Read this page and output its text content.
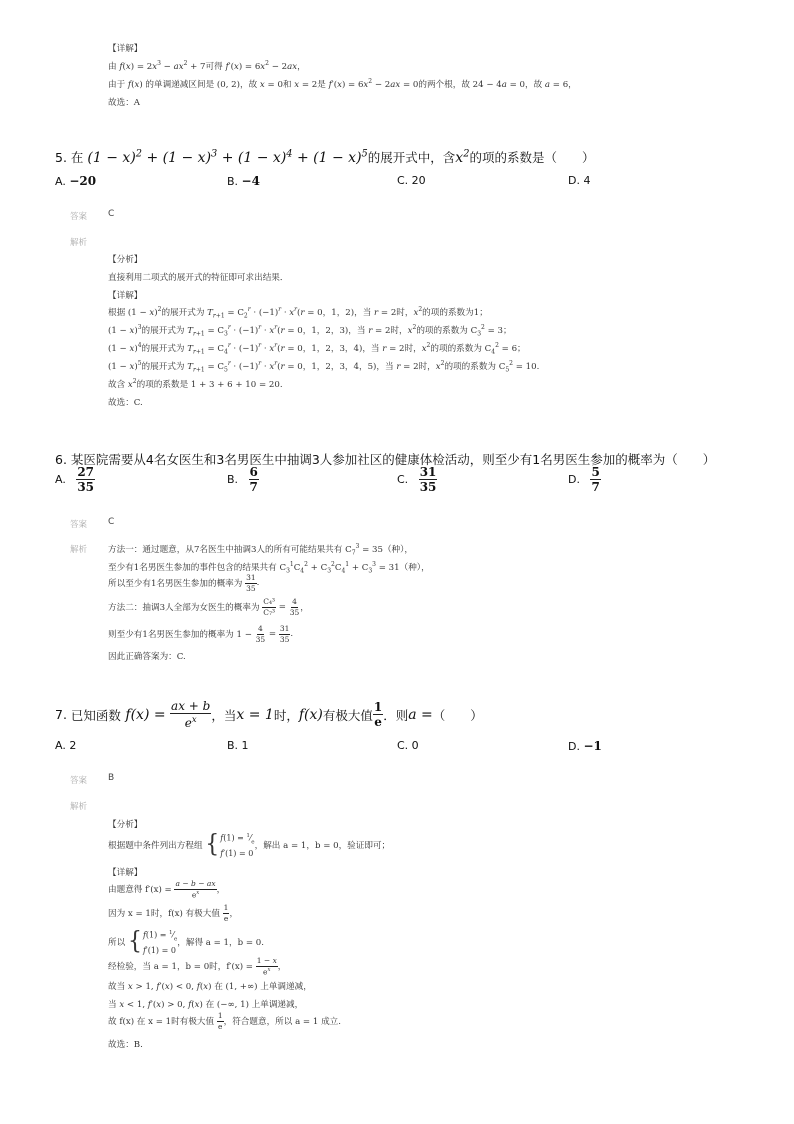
【详解】
由 $f(x) = 2x^3 - ax^2 + 7$可得 $f'(x) = 6x^2 - 2ax$，
由于 f(x) 的单调递减区间是 (0, 2)，故 x = 0和 x = 2是 $f'(x) = 6x^2 - 2ax = 0$的两个根，故 24 − 4a = 0，故 a = 6，
故选：A
5. 在 $(1 - x)^2 + (1 - x)^3 + (1 - x)^4 + (1 - x)^5$的展开式中，含$x^2$的项的系数是（　　）
A. −20	B. −4	C. 20	D. 4
答案 C
解析
【分析】
直接利用二项式的展开式的特征即可求出结果．
【详解】
根据 $(1 - x)^2$的展开式为 $T_{r+1} = C_2^r \cdot (-1)^r \cdot x^r(r = 0$，1，2)，当 r = 2时，$x^2$的项的系数为1；
$(1 - x)^3$的展开式为 $T_{r+1} = C_3^r \cdot (-1)^r \cdot x^r(r = 0$，1，2，3)，当 r = 2时，$x^2$的项的系数为 $C_3^2 = 3$；
$(1 - x)^4$的展开式为 $T_{r+1} = C_4^r \cdot (-1)^r \cdot x^r(r = 0$，1，2，3，4)，当 r = 2时，$x^2$的项的系数为 $C_4^2 = 6$；
$(1 - x)^5$的展开式为 $T_{r+1} = C_5^r \cdot (-1)^r \cdot x^r(r = 0$，1，2，3，4，5)，当 r = 2时，$x^2$的项的系数为 $C_5^2 = 10$.
故含 $x^2$的项的系数是 1 + 3 + 6 + 10 = 20.
故选：C.
6. 某医院需要从4名女医生和3名男医生中抽调3人参加社区的健康体检活动，则至少有1名男医生参加的概率为（　　）
A.
$\frac{27}{35}$	B.
$\frac{6}{7}$	C.
$\frac{31}{35}$	D.
$\frac{5}{7}$
答案 C
解析 方法一：通过题意，从7名医生中抽调3人的所有可能结果共有 $C_7^3 = 35$（种），
至少有1名男医生参加的事件包含的结果共有 $C_3^1C_4^2 + C_3^2C_4^1 + C_3^3 = 31$（种），
所以至少有1名男医生参加的概率为
$\frac{31}{35}$ .
方法二：抽调3人全部为女医生的概率为
$\frac{\text{C₄³}}{\text{C₇³}} = \frac{4}{35}$ ，
则至少有1名男医生参加的概率为 1 −
$\frac{4}{35} = \frac{31}{35}$ .
因此正确答案为：C.
7.
已知函数 $f(x) = \frac{ax + b}{e^x}$ ，当 x = 1 时， f(x) 有极大值 $\frac{1}{e}$ ．则 a = （　　）
A. 2	B. 1	C. 0	D. −1
答案 B
解析
【分析】
根据题中条件列出方程组
{ $f(1) = ^1⁄_e$
f′(1) = 0
，解出 a = 1，b = 0，验证即可；
【详解】
由题意得 f′(x) =
$\frac{a - b - ax}{e^x}$ ，
因为 x = 1时，f(x) 有极大值
$\frac{1}{e}$ ，
所以
{ $f(1) = ^1⁄_e$
f′(1) = 0
，解得 a = 1，b = 0.
经检验，当 a = 1，b = 0时，f′(x) =
$\frac{1 - x}{e^x}$ ，
故当 x > 1, f′(x) < 0, f(x) 在 (1, +∞) 上单调递减，
当 x < 1, f′(x) > 0, f(x) 在 (−∞, 1) 上单调递减，
故 f(x) 在 x = 1时有极大值
$\frac{1}{e}$ ，符合题意，所以 a = 1 成立.
故选：B.
